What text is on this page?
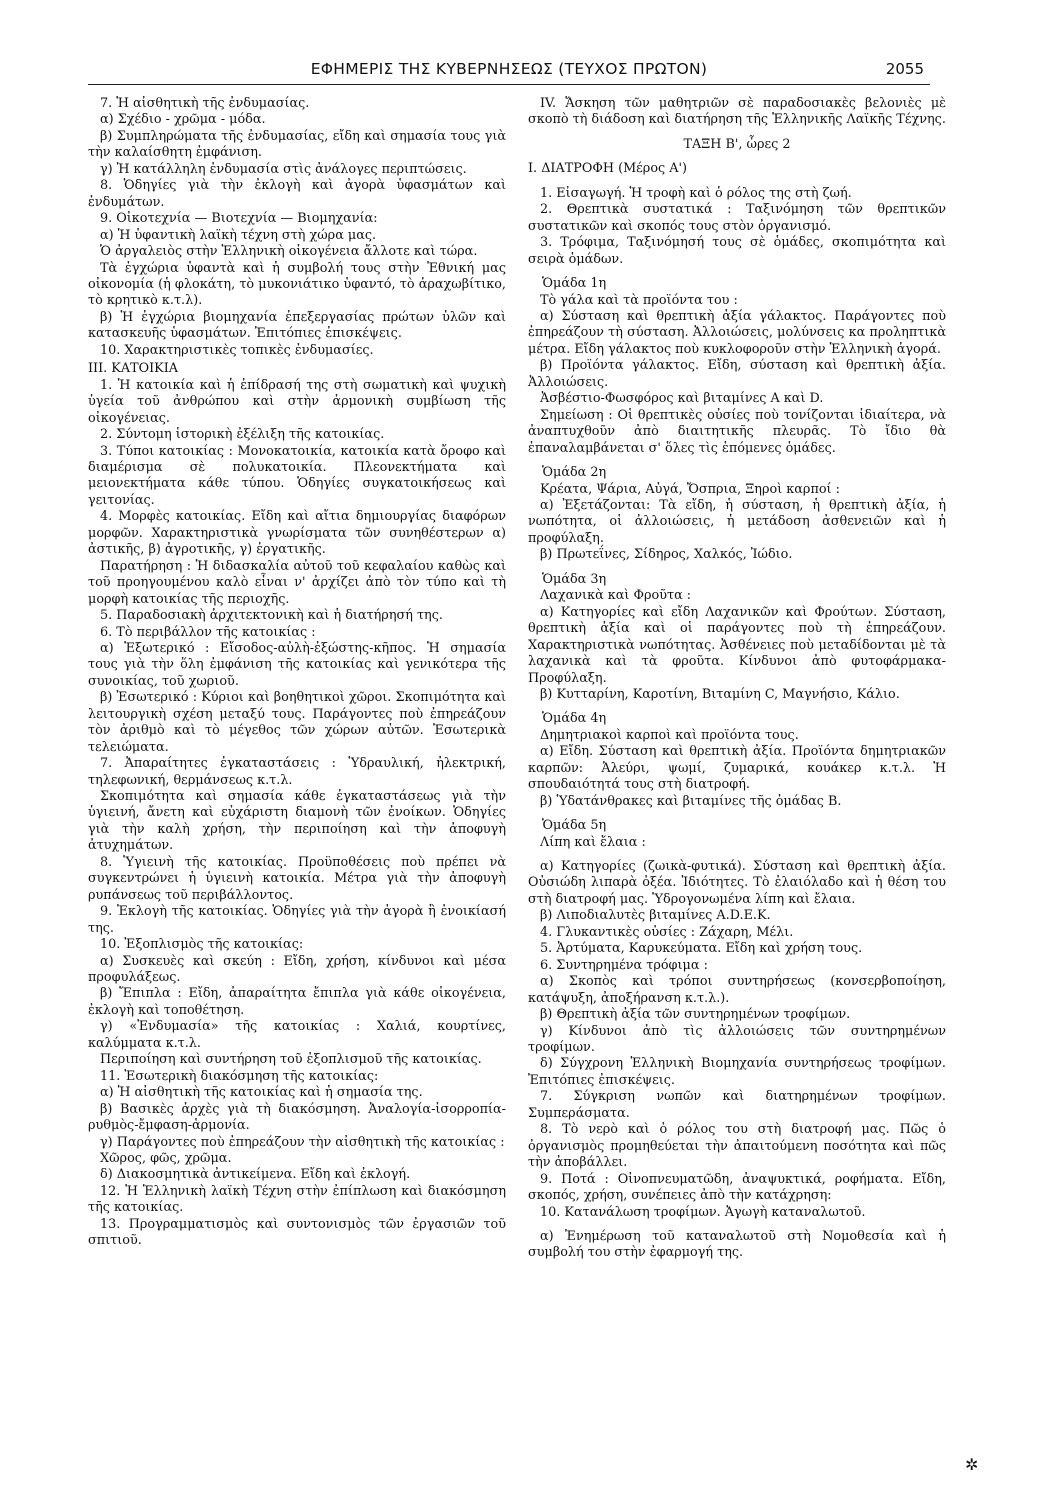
ΕΦΗΜΕΡΙΣ ΤΗΣ ΚΥΒΕΡΝΗΣΕΩΣ (ΤΕΥΧΟΣ ΠΡΩΤΟΝ)	2055

7. Ἡ αἰσθητικὴ τῆς ἐνδυμασίας.

α) Σχέδιο - χρῶμα - μόδα.

β) Συμπληρώματα τῆς ἐνδυμασίας, εἴδη καὶ σημασία τους γιὰ τὴν καλαίσθητη ἐμφάνιση.

γ) Ἡ κατάλληλη ἐνδυμασία στὶς ἀνάλογες περιπτώσεις.

8. Ὁδηγίες γιὰ τὴν ἐκλογὴ καὶ ἀγορὰ ὑφασμάτων καὶ ἐνδυμάτων.

9. Οἰκοτεχνία — Βιοτεχνία — Βιομηχανία:

α) Ἡ ὑφαντικὴ λαϊκὴ τέχνη στὴ χώρα μας.

Ὁ ἀργαλειὸς στὴν Ἑλληνικὴ οἰκογένεια ἄλλοτε καὶ τώρα.

Τὰ ἐγχώρια ὑφαντὰ καὶ ἡ συμβολή τους στὴν Ἐθνική μας οἰκονομία (ἡ φλοκάτη, τὸ μυκονιάτικο ὑφαντό, τὸ ἀραχωβίτικο, τὸ κρητικὸ κ.τ.λ).

β) Ἡ ἐγχώρια βιομηχανία ἐπεξεργασίας πρώτων ὑλῶν καὶ κατασκευῆς ὑφασμάτων. Ἐπιτόπιες ἐπισκέψεις.

10. Χαρακτηριστικὲς τοπικὲς ἐνδυμασίες.

ΙΙΙ. ΚΑΤΟΙΚΙΑ

1. Ἡ κατοικία καὶ ἡ ἐπίδρασή της στὴ σωματικὴ καὶ ψυχικὴ ὑγεία τοῦ ἀνθρώπου καὶ στὴν ἁρμονικὴ συμβίωση τῆς οἰκογένειας.

2. Σύντομη ἱστορικὴ ἐξέλιξη τῆς κατοικίας.

3. Τύποι κατοικίας : Μονοκατοικία, κατοικία κατὰ ὄροφο καὶ διαμέρισμα σὲ πολυκατοικία. Πλεονεκτήματα καὶ μειονεκτήματα κάθε τύπου. Ὁδηγίες συγκατοικήσεως καὶ γειτονίας.

4. Μορφὲς κατοικίας. Εἴδη καὶ αἴτια δημιουργίας διαφόρων μορφῶν. Χαρακτηριστικὰ γνωρίσματα τῶν συνηθέστερων α) ἀστικῆς, β) ἀγροτικῆς, γ) ἐργατικῆς.

Παρατήρηση : Ἡ διδασκαλία αὐτοῦ τοῦ κεφαλαίου καθὼς καὶ τοῦ προηγουμένου καλὸ εἶναι ν' ἀρχίζει ἀπὸ τὸν τύπο καὶ τὴ μορφὴ κατοικίας τῆς περιοχῆς.

5. Παραδοσιακὴ ἀρχιτεκτονικὴ καὶ ἡ διατήρησή της.

6. Τὸ περιβάλλον τῆς κατοικίας :

α) Ἐξωτερικό : Εἴσοδος-αὐλὴ-ἐξώστης-κῆπος. Ἡ σημασία τους γιὰ τὴν ὅλη ἐμφάνιση τῆς κατοικίας καὶ γενικότερα τῆς συνοικίας, τοῦ χωριοῦ.

β) Ἐσωτερικό : Κύριοι καὶ βοηθητικοὶ χῶροι. Σκοπιμότητα καὶ λειτουργικὴ σχέση μεταξύ τους. Παράγοντες ποὺ ἐπηρεάζουν τὸν ἀριθμὸ καὶ τὸ μέγεθος τῶν χώρων αὐτῶν. Ἐσωτερικὰ τελειώματα.

7. Ἀπαραίτητες ἐγκαταστάσεις : Ὑδραυλική, ἠλεκτρική, τηλεφωνική, θερμάνσεως κ.τ.λ.

Σκοπιμότητα καὶ σημασία κάθε ἐγκαταστάσεως γιὰ τὴν ὑγιεινή, ἄνετη καὶ εὐχάριστη διαμονὴ τῶν ἐνοίκων. Ὁδηγίες γιὰ τὴν καλὴ χρήση, τὴν περιποίηση καὶ τὴν ἀποφυγὴ ἀτυχημάτων.

8. Ὑγιεινὴ τῆς κατοικίας. Προϋποθέσεις ποὺ πρέπει νὰ συγκεντρώνει ἡ ὑγιεινὴ κατοικία. Μέτρα γιὰ τὴν ἀποφυγὴ ρυπάνσεως τοῦ περιβάλλοντος.

9. Ἐκλογὴ τῆς κατοικίας. Ὁδηγίες γιὰ τὴν ἀγορὰ ἢ ἐνοικίασή της.

10. Ἐξοπλισμὸς τῆς κατοικίας:

α) Συσκευὲς καὶ σκεύη : Εἴδη, χρήση, κίνδυνοι καὶ μέσα προφυλάξεως.

β) Ἔπιπλα : Εἴδη, ἀπαραίτητα ἔπιπλα γιὰ κάθε οἰκογένεια, ἐκλογὴ καὶ τοποθέτηση.

γ) «Ἐνδυμασία» τῆς κατοικίας : Χαλιά, κουρτίνες, καλύμματα κ.τ.λ.

Περιποίηση καὶ συντήρηση τοῦ ἐξοπλισμοῦ τῆς κατοικίας.

11. Ἐσωτερικὴ διακόσμηση τῆς κατοικίας:

α) Ἡ αἰσθητικὴ τῆς κατοικίας καὶ ἡ σημασία της.

β) Βασικὲς ἀρχὲς γιὰ τὴ διακόσμηση. Ἀναλογία-ἰσορροπία-ρυθμὸς-ἔμφαση-ἁρμονία.

γ) Παράγοντες ποὺ ἐπηρεάζουν τὴν αἰσθητικὴ τῆς κατοικίας :

Χῶρος, φῶς, χρῶμα.

δ) Διακοσμητικὰ ἀντικείμενα. Εἴδη καὶ ἐκλογή.

12. Ἡ Ἑλληνικὴ λαϊκὴ Τέχνη στὴν ἐπίπλωση καὶ διακόσμηση τῆς κατοικίας.

13. Προγραμματισμὸς καὶ συντονισμὸς τῶν ἐργασιῶν τοῦ σπιτιοῦ.

IV. Ἄσκηση τῶν μαθητριῶν σὲ παραδοσιακὲς βελονιὲς μὲ σκοπὸ τὴ διάδοση καὶ διατήρηση τῆς Ἑλληνικῆς Λαϊκῆς Τέχνης.

ΤΑΞΗ Β', ὧρες 2

Ι. ΔΙΑΤΡΟΦΗ (Μέρος Α')

1. Εἰσαγωγή. Ἡ τροφὴ καὶ ὁ ρόλος της στὴ ζωή.

2. Θρεπτικὰ συστατικά : Ταξινόμηση τῶν θρεπτικῶν συστατικῶν καὶ σκοπός τους στὸν ὀργανισμό.

3. Τρόφιμα, Ταξινόμησή τους σὲ ὁμάδες, σκοπιμότητα καὶ σειρὰ ὁμάδων.

Ὁμάδα 1η

Τὸ γάλα καὶ τὰ προϊόντα του :

α) Σύσταση καὶ θρεπτικὴ ἀξία γάλακτος. Παράγοντες ποὺ ἐπηρεάζουν τὴ σύσταση. Ἀλλοιώσεις, μολύνσεις κα προληπτικὰ μέτρα. Εἴδη γάλακτος ποὺ κυκλοφοροῦν στὴν Ἑλληνικὴ ἀγορά.

β) Προϊόντα γάλακτος. Εἴδη, σύσταση καὶ θρεπτικὴ ἀξία. Ἀλλοιώσεις.

Ἀσβέστιο-Φωσφόρος καὶ βιταμίνες Α καὶ D.

Σημείωση : Οἱ θρεπτικὲς οὐσίες ποὺ τονίζονται ἰδιαίτερα, νὰ ἀναπτυχθοῦν ἀπὸ διαιτητικῆς πλευρᾶς. Τὸ ἴδιο θὰ ἐπαναλαμβάνεται σ' ὅλες τὶς ἑπόμενες ὁμάδες.

Ὁμάδα 2η

Κρέατα, Ψάρια, Αὐγά, Ὄσπρια, Ξηροὶ καρποί :

α) Ἐξετάζονται: Τὰ εἴδη, ἡ σύσταση, ἡ θρεπτικὴ ἀξία, ἡ νωπότητα, οἱ ἀλλοιώσεις, ἡ μετάδοση ἀσθενειῶν καὶ ἡ προφύλαξη.

β) Πρωτεΐνες, Σίδηρος, Χαλκός, Ἰώδιο.

Ὁμάδα 3η

Λαχανικὰ καὶ Φροῦτα :

α) Κατηγορίες καὶ εἴδη Λαχανικῶν καὶ Φρούτων. Σύσταση, θρεπτικὴ ἀξία καὶ οἱ παράγοντες ποὺ τὴ ἐπηρεάζουν. Χαρακτηριστικὰ νωπότητας. Ἀσθένειες ποὺ μεταδίδονται μὲ τὰ λαχανικὰ καὶ τὰ φροῦτα. Κίνδυνοι ἀπὸ φυτοφάρμακα-Προφύλαξη.

β) Κυτταρίνη, Καροτίνη, Βιταμίνη C, Μαγνήσιο, Κάλιο.

Ὁμάδα 4η

Δημητριακοὶ καρποὶ καὶ προϊόντα τους.

α) Εἴδη. Σύσταση καὶ θρεπτικὴ ἀξία. Προϊόντα δημητριακῶν καρπῶν: Ἀλεύρι, ψωμί, ζυμαρικά, κουάκερ κ.τ.λ. Ἡ σπουδαιότητά τους στὴ διατροφή.

β) Ὑδατάνθρακες καὶ βιταμίνες τῆς ὁμάδας Β.

Ὁμάδα 5η

Λίπη καὶ ἔλαια :

α) Κατηγορίες (ζωικὰ-φυτικά). Σύσταση καὶ θρεπτικὴ ἀξία. Οὐσιώδη λιπαρὰ ὀξέα. Ἰδιότητες. Τὸ ἐλαιόλαδο καὶ ἡ θέση του στὴ διατροφή μας. Ὑδρογονωμένα λίπη καὶ ἔλαια.

β) Λιποδιαλυτὲς βιταμίνες A.D.E.K.

4. Γλυκαντικὲς οὐσίες : Ζάχαρη, Μέλι.

5. Ἀρτύματα, Καρυκεύματα. Εἴδη καὶ χρήση τους.

6. Συντηρημένα τρόφιμα :

α) Σκοπὸς καὶ τρόποι συντηρήσεως (κονσερβοποίηση, κατάψυξη, ἀποξήρανση κ.τ.λ.).

β) Θρεπτικὴ ἀξία τῶν συντηρημένων τροφίμων.

γ) Κίνδυνοι ἀπὸ τὶς ἀλλοιώσεις τῶν συντηρημένων τροφίμων.

δ) Σύγχρονη Ἑλληνικὴ Βιομηχανία συντηρήσεως τροφίμων. Ἐπιτόπιες ἐπισκέψεις.

7. Σύγκριση νωπῶν καὶ διατηρημένων τροφίμων. Συμπεράσματα.

8. Τὸ νερὸ καὶ ὁ ρόλος του στὴ διατροφή μας. Πῶς ὁ ὀργανισμὸς προμηθεύεται τὴν ἀπαιτούμενη ποσότητα καὶ πῶς τὴν ἀποβάλλει.

9. Ποτά : Οἰνοπνευματῶδη, ἀναψυκτικά, ροφήματα. Εἴδη, σκοπός, χρήση, συνέπειες ἀπὸ τὴν κατάχρηση:

10. Κατανάλωση τροφίμων. Ἀγωγὴ καταναλωτοῦ.

α) Ἐνημέρωση τοῦ καταναλωτοῦ στὴ Νομοθεσία καὶ ἡ συμβολή του στὴν ἐφαρμογή της.

✲
